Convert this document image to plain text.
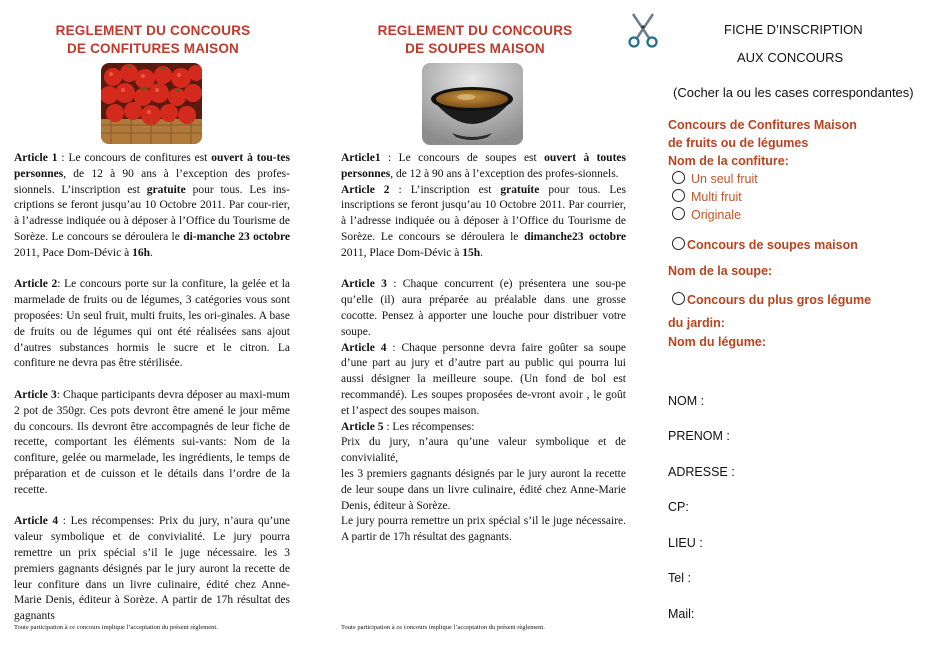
REGLEMENT DU CONCOURS
DE CONFITURES MAISON

Article 1 : Le concours de confitures est ouvert à tou-tes personnes, de 12 à 90 ans à l’exception des profes-sionnels. L’inscription est gratuite pour tous. Les ins-criptions se feront jusqu’au 10 Octobre 2011. Par cour-rier, à l’adresse indiquée ou à déposer à l’Office du Tourisme de Sorèze. Le concours se déroulera le di-manche 23 octobre 2011, Pace Dom-Dévic à 16h.

Article 2: Le concours porte sur la confiture, la gelée et la marmelade de fruits ou de légumes, 3 catégories vous sont proposées: Un seul fruit, multi fruits, les ori-ginales. A base de fruits ou de légumes qui ont été réalisées sans ajout d’autres substances hormis le sucre et le citron. La confiture ne devra pas être stérilisée.

Article 3: Chaque participants devra déposer au maxi-mum 2 pot de 350gr. Ces pots devront être amené le jour même du concours. Ils devront être accompagnés de leur fiche de recette, comportant les éléments sui-vants: Nom de la confiture, gelée ou marmelade, les ingrédients, le temps de préparation et de cuisson et le détails dans l’ordre de la recette.

Article 4 : Les récompenses: Prix du jury, n’aura qu’une valeur symbolique et de convivialité. Le jury pourra remettre un prix spécial s’il le juge nécessaire. les 3 premiers gagnants désignés par le jury auront la recette de leur confiture dans un livre culinaire, édité chez Anne-Marie Denis, éditeur à Sorèze. A partir de 17h résultat des gagnants

Toute participation à ce concours implique l’acceptation du présent règlement.
REGLEMENT DU CONCOURS
DE SOUPES MAISON

Article1 : Le concours de soupes est ouvert à toutes personnes, de 12 à 90 ans à l’exception des profes-sionnels.
Article 2 : L’inscription est gratuite pour tous. Les inscriptions se feront jusqu’au 10 Octobre 2011. Par courrier, à l’adresse indiquée ou à déposer à l’Office du Tourisme de Sorèze. Le concours se déroulera le dimanche23 octobre 2011, Place Dom-Dévic à 15h.

Article 3 : Chaque concurrent (e) présentera une sou-pe qu’elle (il) aura préparée au préalable dans une grosse cocotte. Pensez à apporter une louche pour distribuer votre soupe.
Article 4 : Chaque personne devra faire goûter sa soupe d’une part au jury et d’autre part au public qui pourra lui aussi désigner la meilleure soupe. (Un fond de bol est recommandé). Les soupes proposées de-vront avoir , le goût et l’aspect des soupes maison.
Article 5 : Les récompenses:
Prix du jury, n’aura qu’une valeur symbolique et de convivialité,
les 3 premiers gagnants désignés par le jury auront la recette de leur soupe dans un livre culinaire, édité chez Anne-Marie Denis, éditeur à Sorèze.
Le jury pourra remettre un prix spécial s’il le juge nécessaire. A partir de 17h résultat des gagnants.

Toute participation à ce concours implique l’acceptation du présent règlement.
FICHE D’INSCRIPTION
AUX CONCOURS
(Cocher la ou les cases correspondantes)
Concours de Confitures Maison
de fruits ou de légumes
Nom de la confiture:
Un seul fruit
Multi fruit
Originale
Concours de soupes maison
Nom de la soupe:
Concours du plus gros légume
du jardin:
Nom du légume:
NOM :
PRENOM :
ADRESSE :
CP:
LIEU :
Tel :
Mail:
